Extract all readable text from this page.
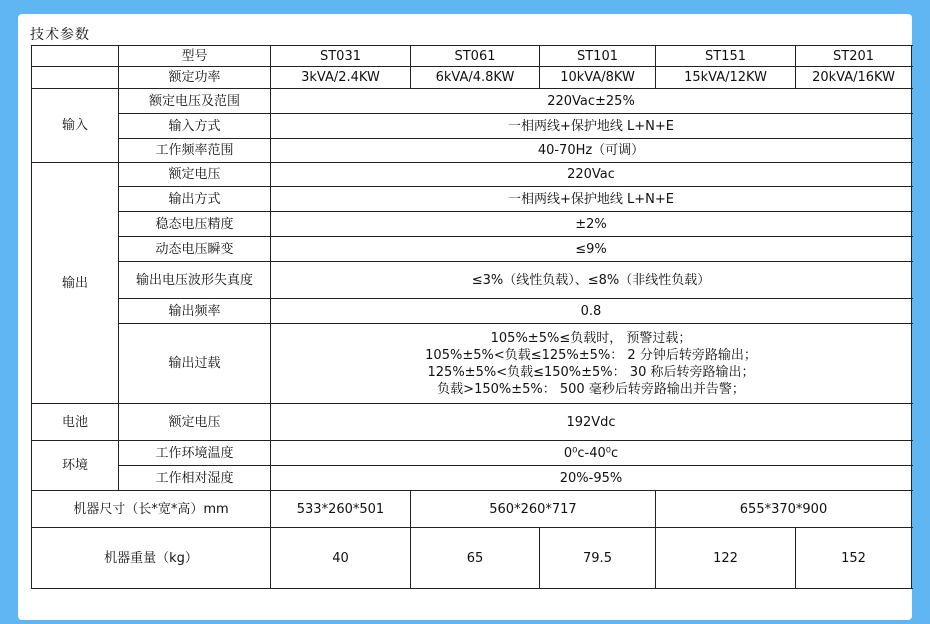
技术参数
	型号	ST031	ST061	ST101	ST151	ST201
	额定功率	3kVA/2.4KW	6kVA/4.8KW	10kVA/8KW	15kVA/12KW	20kVA/16KW
输入	额定电压及范围	220Vac±25%				
	输入方式	一相两线+保护地线 L+N+E				
	工作频率范围	40-70Hz（可调）				
输出	额定电压	220Vac				
	输出方式	一相两线+保护地线 L+N+E				
	稳态电压精度	±2%				
	动态电压瞬变	≤9%				
	输出电压波形失真度	≤3%（线性负载）、≤8%（非线性负载）				
	输出频率	0.8				
	输出过载	105%±5%≤负载时， 预警过载；
105%±5%<负载≤125%±5%： 2 分钟后转旁路输出；
125%±5%<负载≤150%±5%： 30 称后转旁路输出；
负载>150%±5%： 500 毫秒后转旁路输出并告警；				

电池	额定电压	192Vdc				
环境	工作环境温度	0⁰c-40⁰c				
	工作相对湿度	20%-95%				
机器尺寸（长*宽*高）mm		533*260*501	560*260*717		655*370*900	
机器重量（kg）		40	65	79.5	122	152
